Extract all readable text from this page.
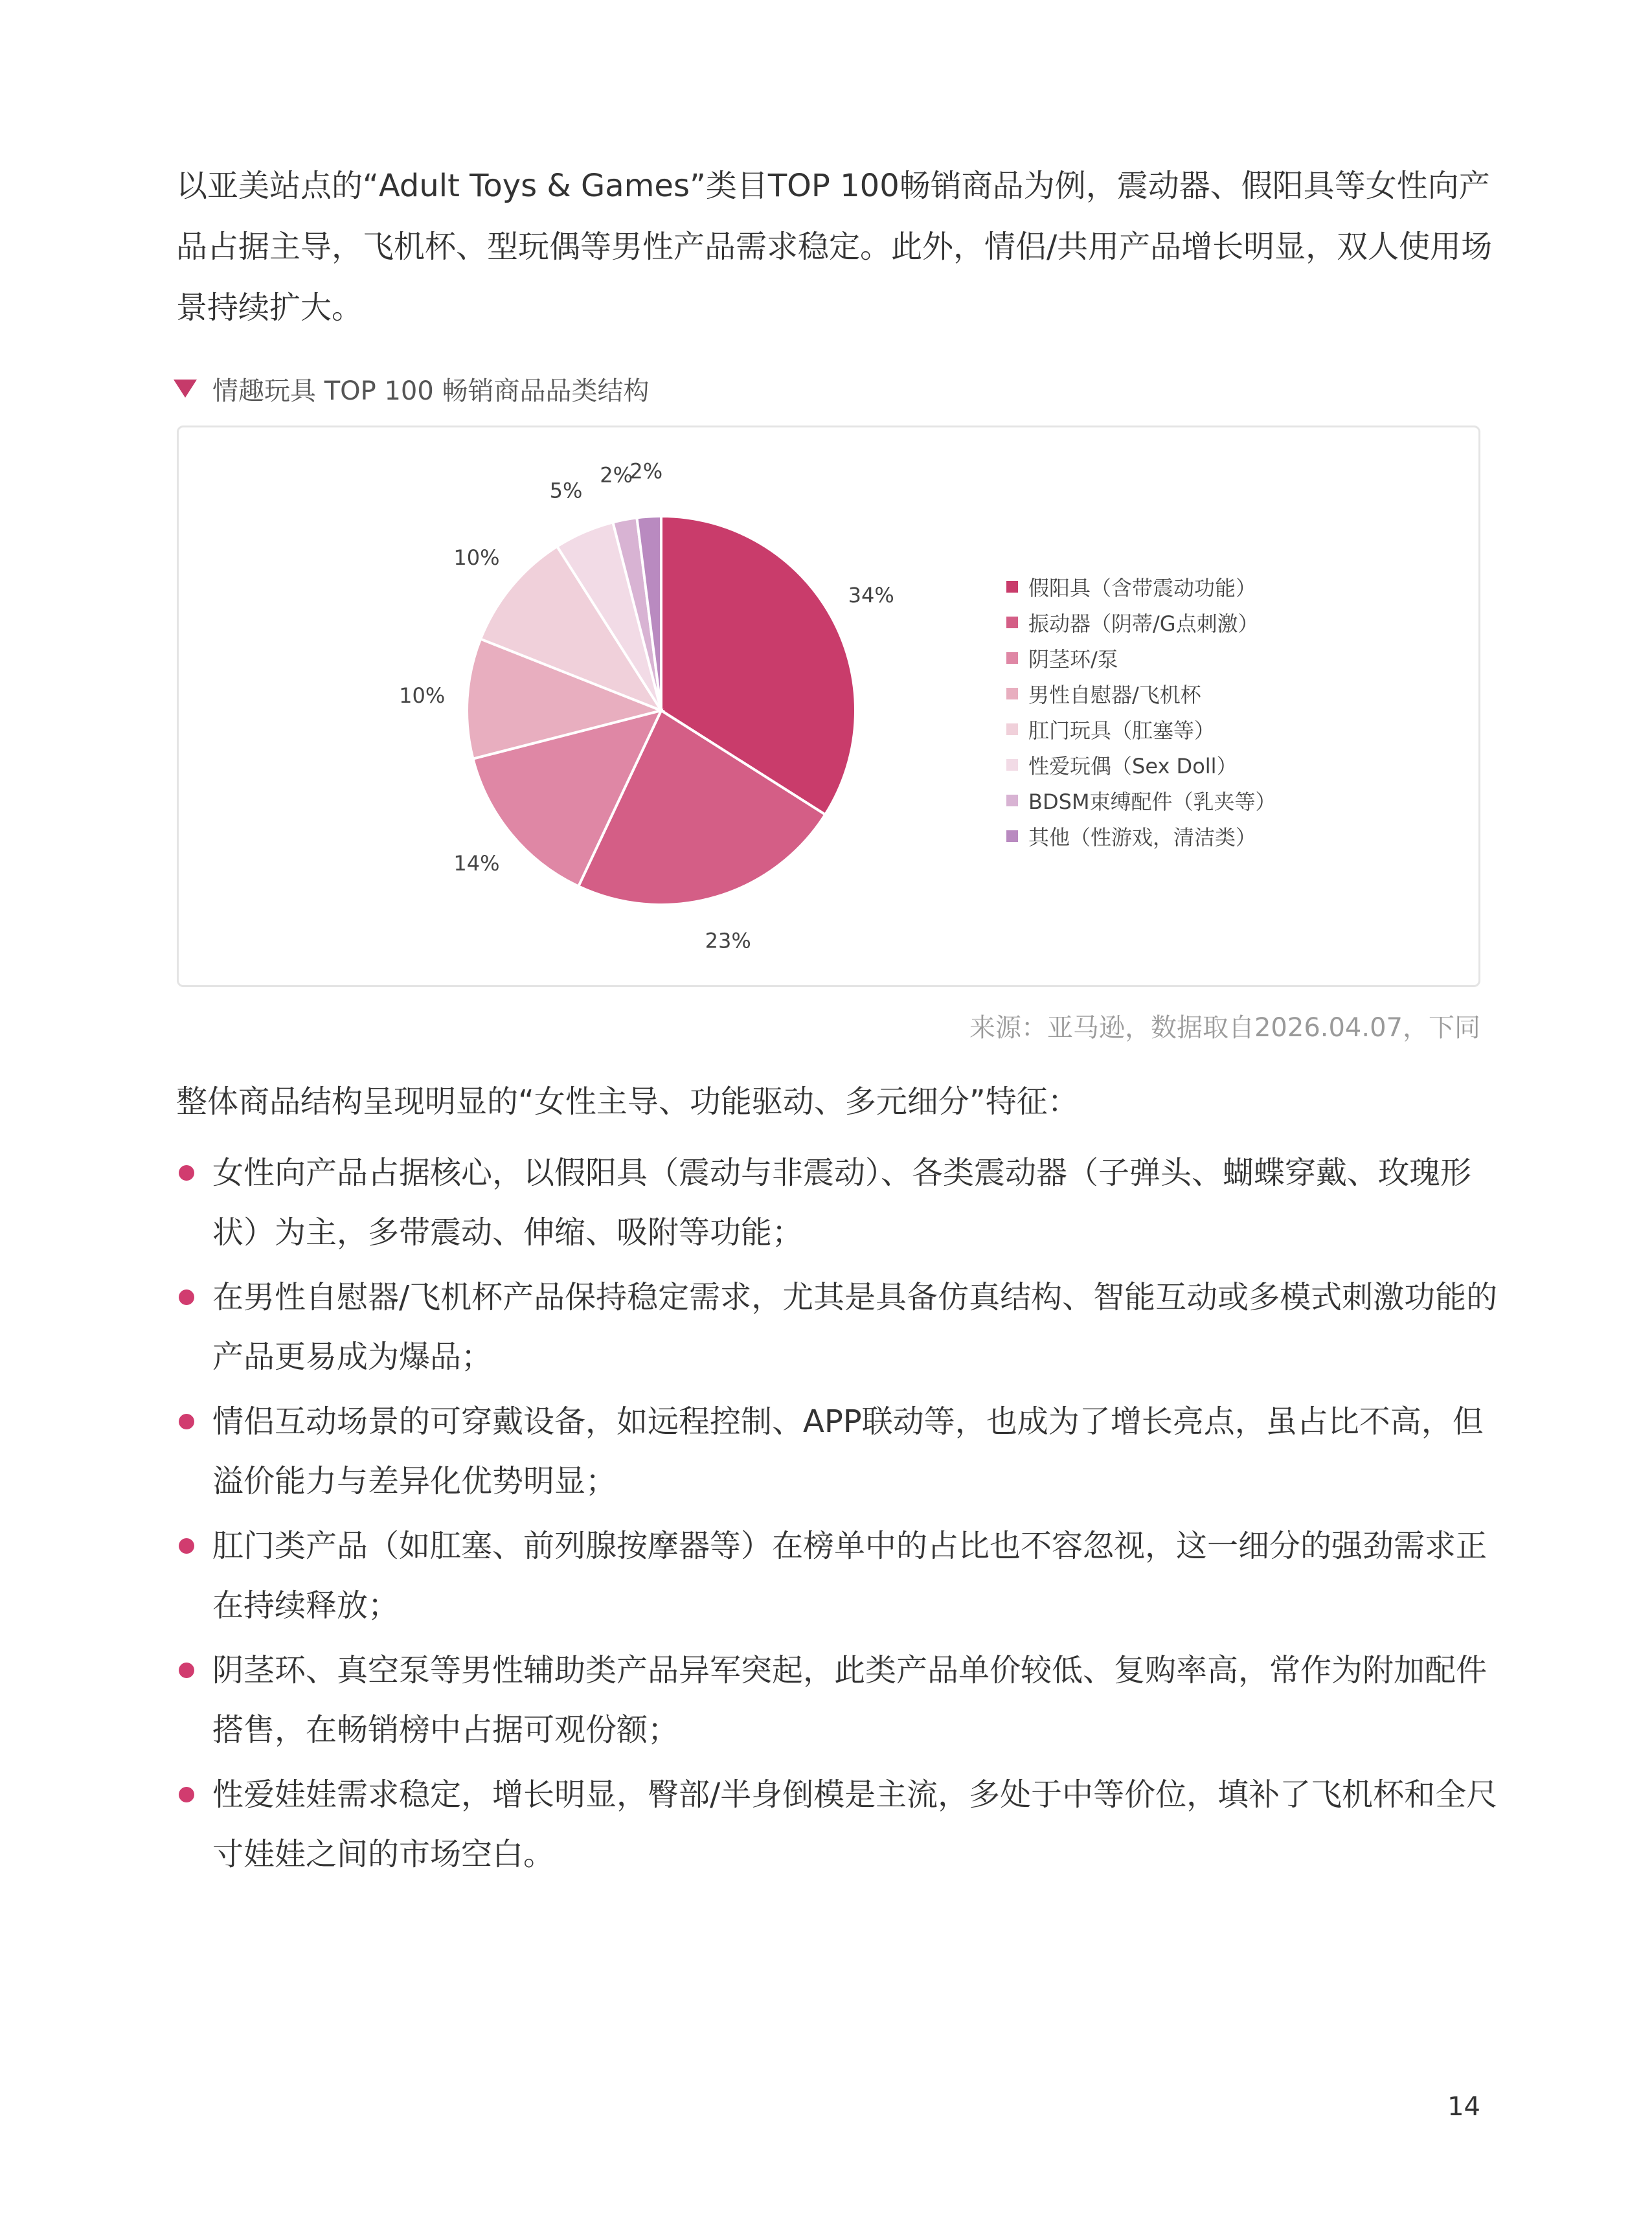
以亚美站点的“Adult Toys & Games”类目TOP 100畅销商品为例，震动器、假阳具等女性向产品占据主导，飞机杯、型玩偶等男性产品需求稳定。此外，情侣/共用产品增长明显，双人使用场景持续扩大。

情趣玩具 TOP 100 畅销商品品类结构
34%
23%
14%
10%
10%
5%
2%
2%
假阳具（含带震动功能）
振动器（阴蒂/G点刺激）
阴茎环/泵
男性自慰器/飞机杯
肛门玩具（肛塞等）
性爱玩偶（Sex Doll）
BDSM束缚配件（乳夹等）
其他（性游戏，清洁类）
来源：亚马逊，数据取自2026.04.07，下同
整体商品结构呈现明显的“女性主导、功能驱动、多元细分”特征：
女性向产品占据核心，以假阳具（震动与非震动）、各类震动器（子弹头、蝴蝶穿戴、玫瑰形状）为主，多带震动、伸缩、吸附等功能；
在男性自慰器/飞机杯产品保持稳定需求，尤其是具备仿真结构、智能互动或多模式刺激功能的产品更易成为爆品；
情侣互动场景的可穿戴设备，如远程控制、APP联动等，也成为了增长亮点，虽占比不高，但溢价能力与差异化优势明显；
肛门类产品（如肛塞、前列腺按摩器等）在榜单中的占比也不容忽视，这一细分的强劲需求正在持续释放；
阴茎环、真空泵等男性辅助类产品异军突起，此类产品单价较低、复购率高，常作为附加配件搭售，在畅销榜中占据可观份额；
性爱娃娃需求稳定，增长明显，臀部/半身倒模是主流，多处于中等价位，填补了飞机杯和全尺寸娃娃之间的市场空白。
14
